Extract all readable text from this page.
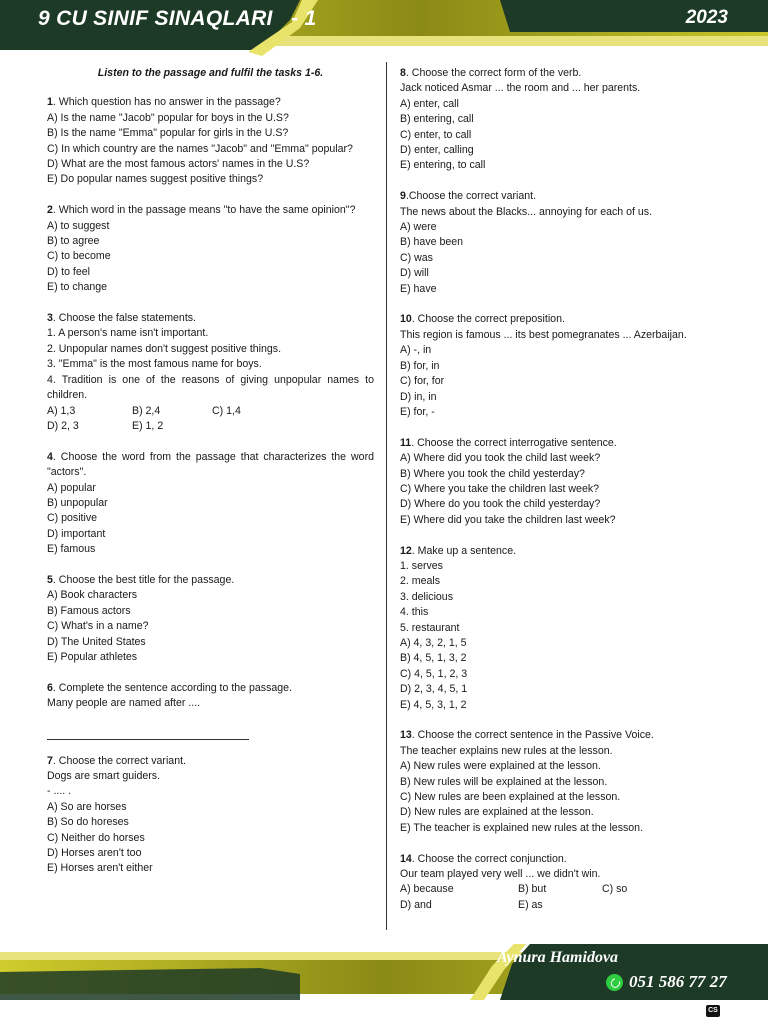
9 CU SINIF SINAQLARI   - 1	2023
Listen to the passage and fulfil the tasks 1-6.
1. Which question has no answer in the passage?
A) Is the name "Jacob" popular for boys in the U.S?
B) Is the name "Emma" popular for girls in the U.S?
C) In which country are the names "Jacob" and "Emma" popular?
D) What are the most famous actors' names in the U.S?
E) Do popular names suggest positive things?
2. Which word in the passage means "to have the same opinion"?
A) to suggest
B) to agree
C) to become
D) to feel
E) to change
3. Choose the false statements.
1. A person's name isn't important.
2. Unpopular names don't suggest positive things.
3. "Emma" is the most famous name for boys.
4. Tradition is one of the reasons of giving unpopular names to children.
A) 1,3	B) 2,4	C) 1,4
D) 2, 3	E) 1, 2
4. Choose the word from the passage that characterizes the word "actors".
A) popular
B) unpopular
C) positive
D) important
E) famous
5. Choose the best title for the passage.
A) Book characters
B) Famous actors
C) What's in a name?
D) The United States
E) Popular athletes
6. Complete the sentence according to the passage.
Many people are named after ....
7. Choose the correct variant.
Dogs are smart guiders.
- .... .
A) So are horses
B) So do horeses
C) Neither do horses
D) Horses aren't too
E) Horses aren't either
8. Choose the correct form of the verb.
Jack noticed Asmar ... the room and ... her parents.
A) enter, call
B) entering, call
C) enter, to call
D) enter, calling
E) entering, to call
9.Choose the correct variant.
The news about the Blacks... annoying for each of us.
A) were
B) have been
C) was
D) will
E) have
10. Choose the correct preposition.
This region is famous ... its best pomegranates ... Azerbaijan.
A) -, in
B) for, in
C) for, for
D) in, in
E) for, -
11. Choose the correct interrogative sentence.
A) Where did you took the child last week?
B) Where you took the child yesterday?
C) Where you take the children last week?
D) Where do you took the child yesterday?
E) Where did you take the children last week?
12. Make up a sentence.
1. serves
2. meals
3. delicious
4. this
5. restaurant
A) 4, 3, 2, 1, 5
B) 4, 5, 1, 3, 2
C) 4, 5, 1, 2, 3
D) 2, 3, 4, 5, 1
E) 4, 5, 3, 1, 2
13. Choose the correct sentence in the Passive Voice.
The teacher explains new rules at the lesson.
A) New rules were explained at the lesson.
B) New rules will be explained at the lesson.
C) New rules are been explained at the lesson.
D) New rules are explained at the lesson.
E) The teacher is explained new rules at the lesson.
14. Choose the correct conjunction.
Our team played very well ... we didn't win.
A) because	B) but	C) so
D) and	E) as
Aynura Hamidova
051 586 77 27
CS
